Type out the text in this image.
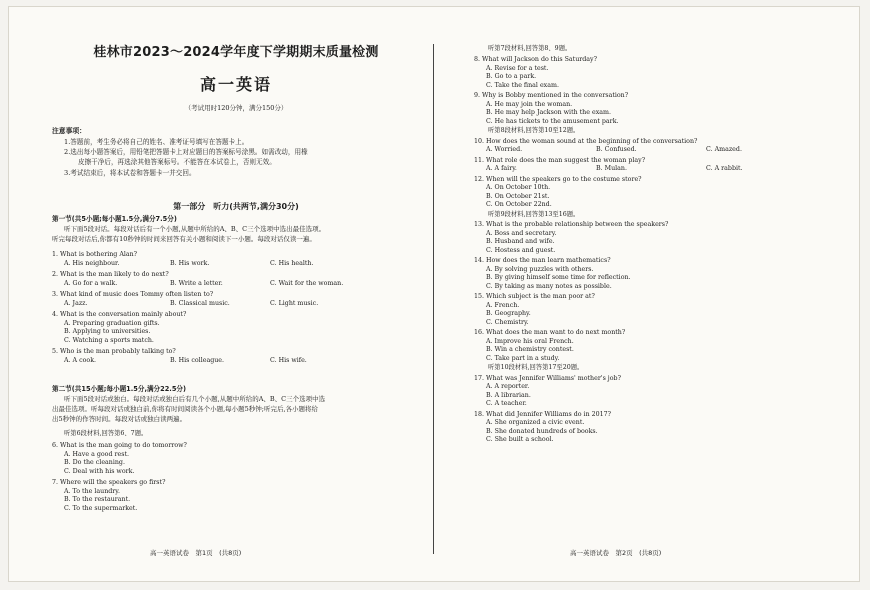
桂林市2023～2024学年度下学期期末质量检测
高一英语
（考试用时120分钟，满分150分）
注意事项：
1.答题前，考生务必将自己的姓名、准考证号填写在答题卡上。
2.选出每小题答案后，用铅笔把答题卡上对应题目的答案标号涂黑。如需改动，用橡
皮擦干净后，再选涂其他答案标号。不能答在本试卷上，否则无效。
3.考试结束后，将本试卷和答题卡一并交回。
第一部分　听力(共两节,满分30分)
第一节(共5小题;每小题1.5分,满分7.5分)
听下面5段对话。每段对话后有一个小题,从题中所给的A、B、C三个选项中选出最佳选项。
听完每段对话后,你都有10秒钟的时间来回答有关小题和阅读下一小题。每段对话仅读一遍。
1. What is bothering Alan?
A. His neighbour.	B. His work.	C. His health.
2. What is the man likely to do next?
A. Go for a walk.	B. Write a letter.	C. Wait for the woman.
3. What kind of music does Tommy often listen to?
A. Jazz.	B. Classical music.	C. Light music.
4. What is the conversation mainly about?
A. Preparing graduation gifts.
B. Applying to universities.
C. Watching a sports match.
5. Who is the man probably talking to?
A. A cook.	B. His colleague.	C. His wife.
第二节(共15小题;每小题1.5分,满分22.5分)
听下面5段对话或独白。每段对话或独白后有几个小题,从题中所给的A、B、C三个选项中选
出最佳选项。听每段对话或独白前,你将有时间阅读各个小题,每小题5秒钟;听完后,各小题将给
出5秒钟的作答时间。每段对话或独白读两遍。
听第6段材料,回答第6、7题。
6. What is the man going to do tomorrow?
A. Have a good rest.
B. Do the cleaning.
C. Deal with his work.
7. Where will the speakers go first?
A. To the laundry.
B. To the restaurant.
C. To the supermarket.
高一英语试卷　第1页　(共8页)
听第7段材料,回答第8、9题。
8. What will Jackson do this Saturday?
A. Revise for a test.
B. Go to a park.
C. Take the final exam.
9. Why is Bobby mentioned in the conversation?
A. He may join the woman.
B. He may help Jackson with the exam.
C. He has tickets to the amusement park.
听第8段材料,回答第10至12题。
10. How does the woman sound at the beginning of the conversation?
A. Worried.	B. Confused.	C. Amazed.
11. What role does the man suggest the woman play?
A. A fairy.	B. Mulan.	C. A rabbit.
12. When will the speakers go to the costume store?
A. On October 10th.
B. On October 21st.
C. On October 22nd.
听第9段材料,回答第13至16题。
13. What is the probable relationship between the speakers?
A. Boss and secretary.
B. Husband and wife.
C. Hostess and guest.
14. How does the man learn mathematics?
A. By solving puzzles with others.
B. By giving himself some time for reflection.
C. By taking as many notes as possible.
15. Which subject is the man poor at?
A. French.
B. Geography.
C. Chemistry.
16. What does the man want to do next month?
A. Improve his oral French.
B. Win a chemistry contest.
C. Take part in a study.
听第10段材料,回答第17至20题。
17. What was Jennifer Williams' mother's job?
A. A reporter.
B. A librarian.
C. A teacher.
18. What did Jennifer Williams do in 2017?
A. She organized a civic event.
B. She donated hundreds of books.
C. She built a school.
高一英语试卷　第2页　(共8页)
